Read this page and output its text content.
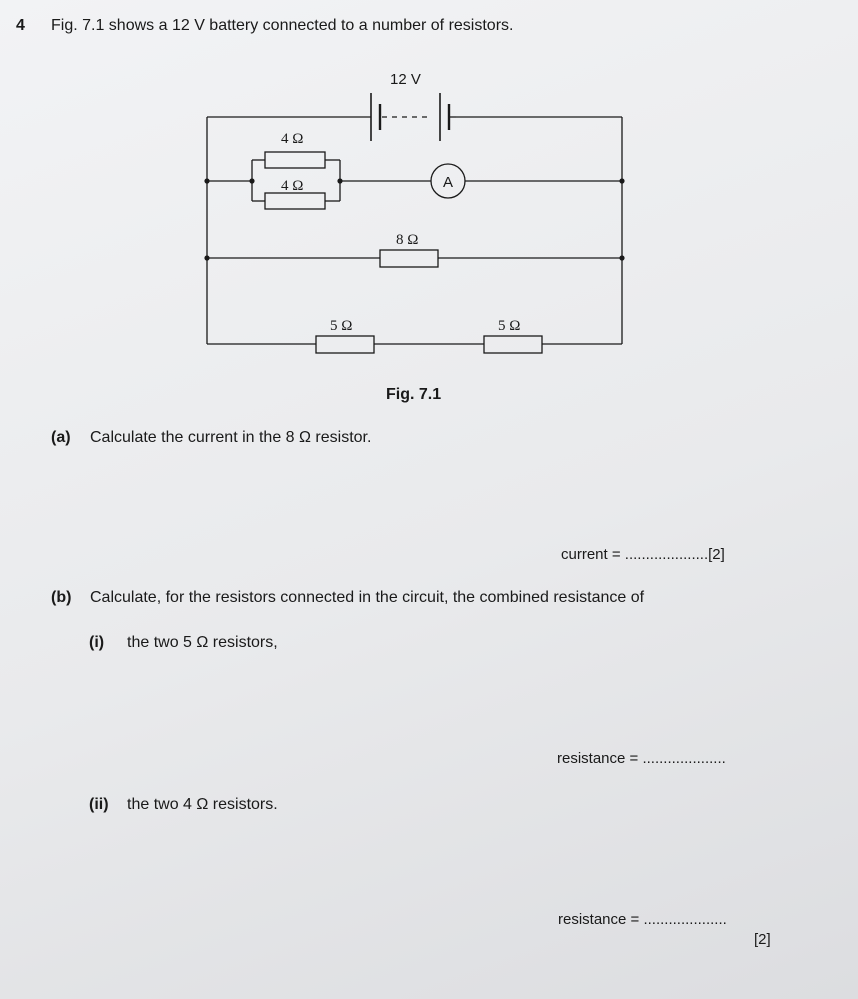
4 Fig. 7.1 shows a 12 V battery connected to a number of resistors.
12 V
4 Ω
4 Ω	A
8 Ω
5 Ω	5 Ω
Fig. 7.1
(a) Calculate the current in the 8 Ω resistor.
current = ....................[2]
(b) Calculate, for the resistors connected in the circuit, the combined resistance of
(i) the two 5 Ω resistors,
resistance = ....................
(ii) the two 4 Ω resistors.
resistance = ....................
[2]
